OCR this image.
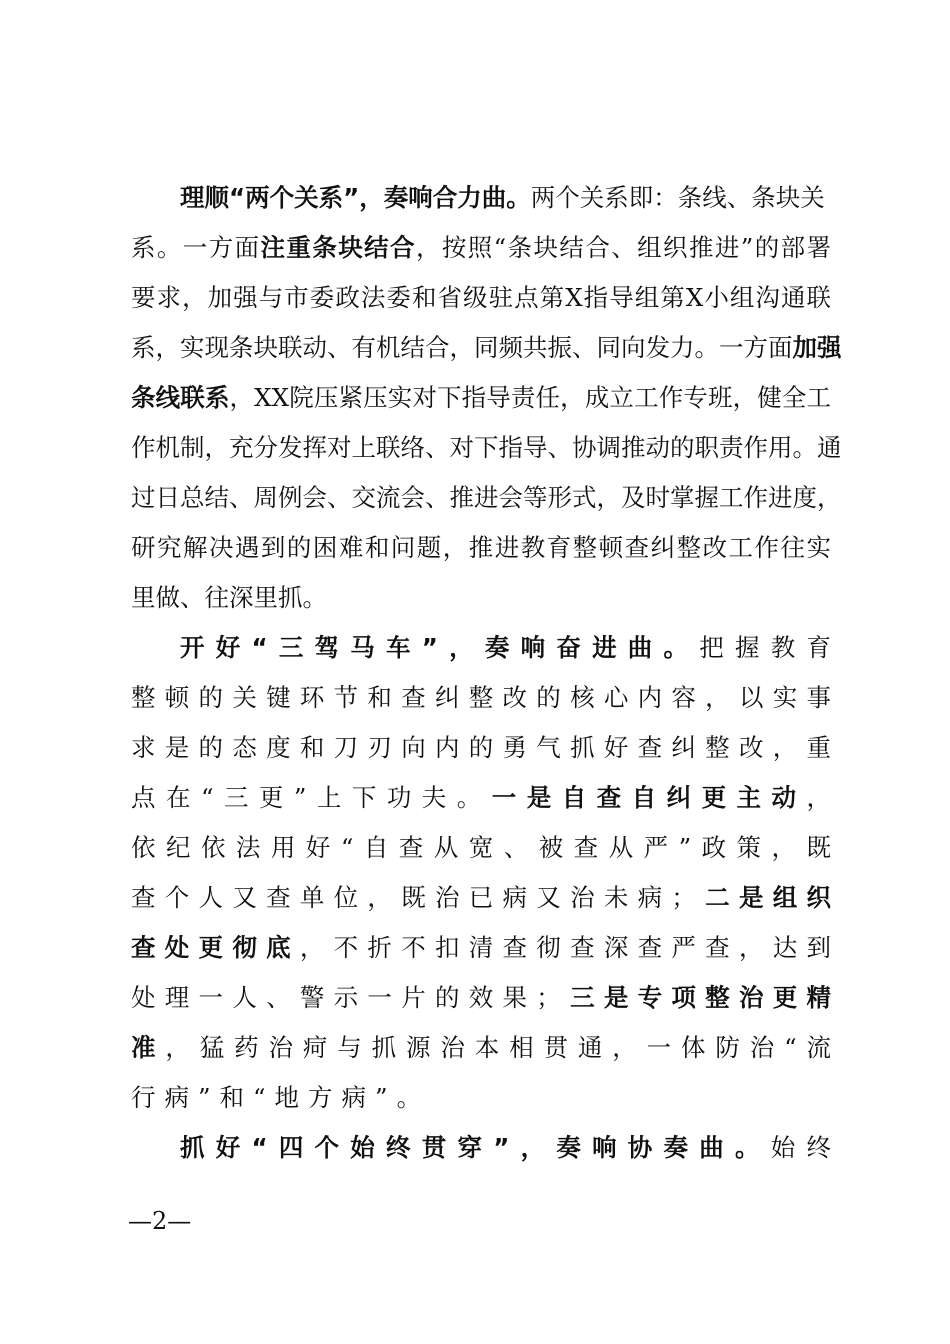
理顺“两个关系”，奏响合力曲。两个关系即：条线、条块关
系。一方面注重条块结合，按照“条块结合、组织推进”的部署
要求，加强与市委政法委和省级驻点第X指导组第X小组沟通联
系，实现条块联动、有机结合，同频共振、同向发力。一方面加强
条线联系，XX院压紧压实对下指导责任，成立工作专班，健全工
作机制，充分发挥对上联络、对下指导、协调推动的职责作用。通
过日总结、周例会、交流会、推进会等形式，及时掌握工作进度，
研究解决遇到的困难和问题，推进教育整顿查纠整改工作往实
里做、往深里抓。
开好“三驾马车”，奏响奋进曲。把握教育
整顿的关键环节和查纠整改的核心内容，以实事
求是的态度和刀刃向内的勇气抓好查纠整改，重
点在“三更”上下功夫。一是自查自纠更主动，
依纪依法用好“自查从宽、被查从严”政策，既
查个人又查单位，既治已病又治未病；二是组织
查处更彻底，不折不扣清查彻查深查严查，达到
处理一人、警示一片的效果；三是专项整治更精
准，猛药治疴与抓源治本相贯通，一体防治“流
行病”和“地方病”。
抓好“四个始终贯穿”，奏响协奏曲。始终
—2—
